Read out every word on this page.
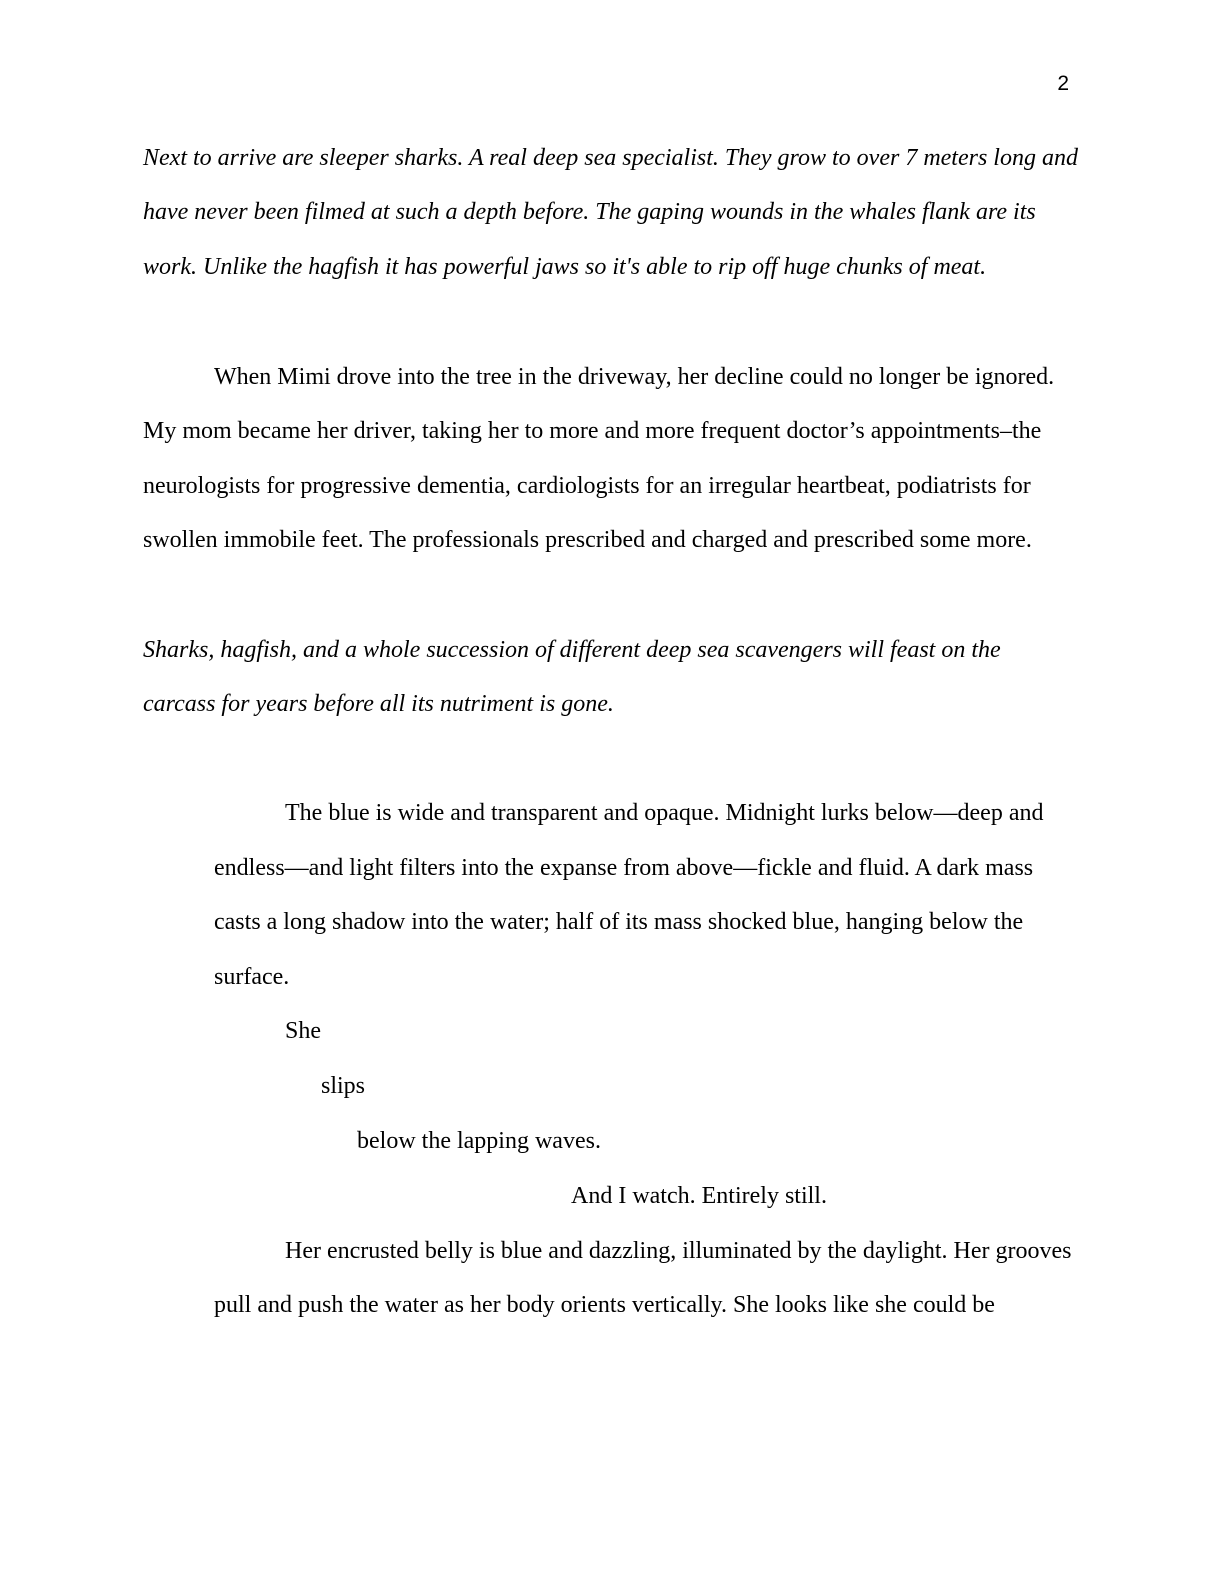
2
Next to arrive are sleeper sharks. A real deep sea specialist. They grow to over 7 meters long and
have never been filmed at such a depth before. The gaping wounds in the whales flank are its
work. Unlike the hagfish it has powerful jaws so it's able to rip off huge chunks of meat.
When Mimi drove into the tree in the driveway, her decline could no longer be ignored.
My mom became her driver, taking her to more and more frequent doctor’s appointments–the
neurologists for progressive dementia, cardiologists for an irregular heartbeat, podiatrists for
swollen immobile feet. The professionals prescribed and charged and prescribed some more.
Sharks, hagfish, and a whole succession of different deep sea scavengers will feast on the
carcass for years before all its nutriment is gone.
The blue is wide and transparent and opaque. Midnight lurks below—deep and
endless—and light filters into the expanse from above—fickle and fluid. A dark mass
casts a long shadow into the water; half of its mass shocked blue, hanging below the
surface.
She
slips
below the lapping waves.
And I watch. Entirely still.
Her encrusted belly is blue and dazzling, illuminated by the daylight. Her grooves
pull and push the water as her body orients vertically. She looks like she could be
